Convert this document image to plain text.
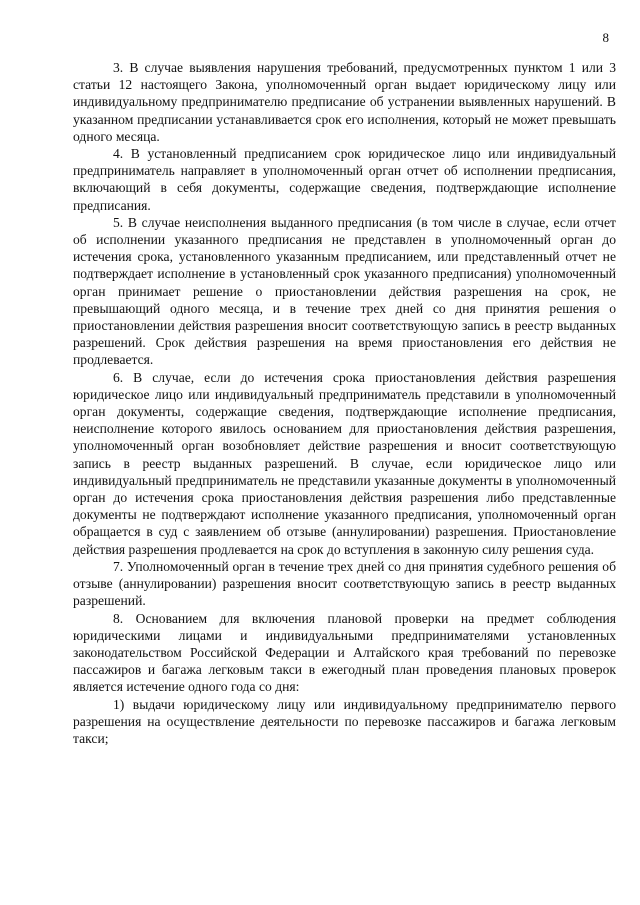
8

3. В случае выявления нарушения требований, предусмотренных пунктом 1 или 3 статьи 12 настоящего Закона, уполномоченный орган выдает юридическому лицу или индивидуальному предпринимателю предписание об устранении выявленных нарушений. В указанном предписании устанавливается срок его исполнения, который не может превышать одного месяца.

4. В установленный предписанием срок юридическое лицо или индивидуальный предприниматель направляет в уполномоченный орган отчет об исполнении предписания, включающий в себя документы, содержащие сведения, подтверждающие исполнение предписания.

5. В случае неисполнения выданного предписания (в том числе в случае, если отчет об исполнении указанного предписания не представлен в уполномоченный орган до истечения срока, установленного указанным предписанием, или представленный отчет не подтверждает исполнение в установленный срок указанного предписания) уполномоченный орган принимает решение о приостановлении действия разрешения на срок, не превышающий одного месяца, и в течение трех дней со дня принятия решения о приостановлении действия разрешения вносит соответствующую запись в реестр выданных разрешений. Срок действия разрешения на время приостановления его действия не продлевается.

6. В случае, если до истечения срока приостановления действия разрешения юридическое лицо или индивидуальный предприниматель представили в уполномоченный орган документы, содержащие сведения, подтверждающие исполнение предписания, неисполнение которого явилось основанием для приостановления действия разрешения, уполномоченный орган возобновляет действие разрешения и вносит соответствующую запись в реестр выданных разрешений. В случае, если юридическое лицо или индивидуальный предприниматель не представили указанные документы в уполномоченный орган до истечения срока приостановления действия разрешения либо представленные документы не подтверждают исполнение указанного предписания, уполномоченный орган обращается в суд с заявлением об отзыве (аннулировании) разрешения. Приостановление действия разрешения продлевается на срок до вступления в законную силу решения суда.

7. Уполномоченный орган в течение трех дней со дня принятия судебного решения об отзыве (аннулировании) разрешения вносит соответствующую запись в реестр выданных разрешений.

8. Основанием для включения плановой проверки на предмет соблюдения юридическими лицами и индивидуальными предпринимателями установленных законодательством Российской Федерации и Алтайского края требований по перевозке пассажиров и багажа легковым такси в ежегодный план проведения плановых проверок является истечение одного года со дня:

1) выдачи юридическому лицу или индивидуальному предпринимателю первого разрешения на осуществление деятельности по перевозке пассажиров и багажа легковым такси;
